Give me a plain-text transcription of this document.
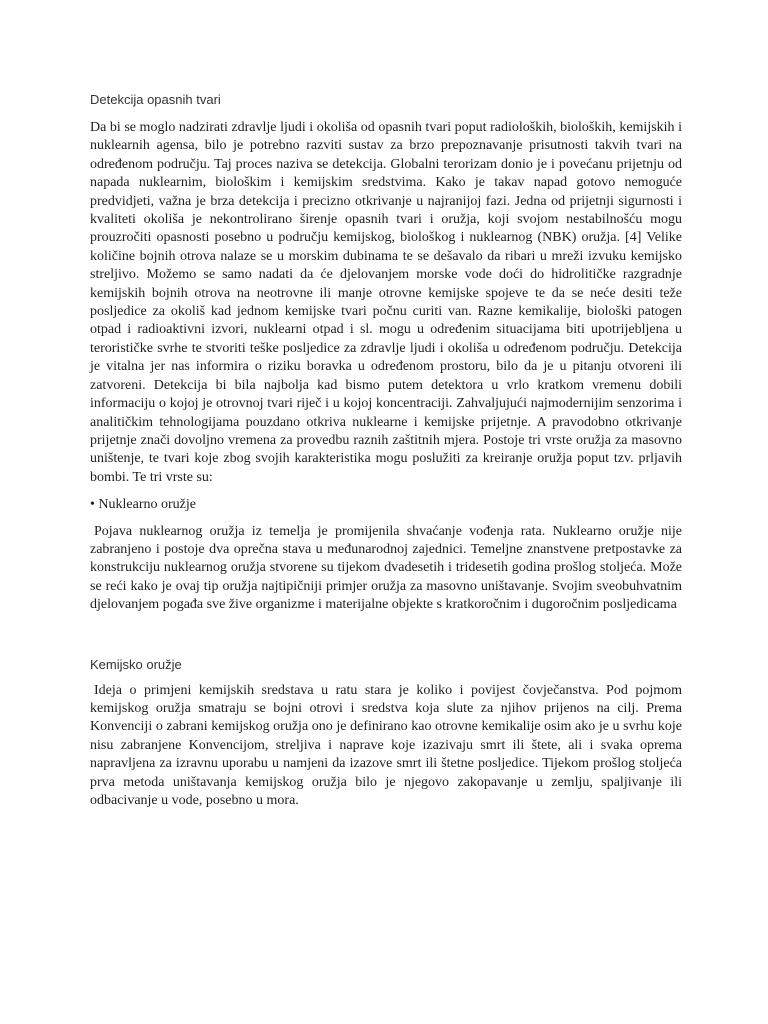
Detekcija opasnih tvari

Da bi se moglo nadzirati zdravlje ljudi i okoliša od opasnih tvari poput radioloških, bioloških, kemijskih i nuklearnih agensa, bilo je potrebno razviti sustav za brzo prepoznavanje prisutnosti takvih tvari na određenom području. Taj proces naziva se detekcija. Globalni terorizam donio je i povećanu prijetnju od napada nuklearnim, biološkim i kemijskim sredstvima. Kako je takav napad gotovo nemoguće predvidjeti, važna je brza detekcija i precizno otkrivanje u najranijoj fazi. Jedna od prijetnji sigurnosti i kvaliteti okoliša je nekontrolirano širenje opasnih tvari i oružja, koji svojom nestabilnošću mogu prouzročiti opasnosti posebno u području kemijskog, biološkog i nuklearnog (NBK) oružja. [4] Velike količine bojnih otrova nalaze se u morskim dubinama te se dešavalo da ribari u mreži izvuku kemijsko streljivo. Možemo se samo nadati da će djelovanjem morske vode doći do hidrolitičke razgradnje kemijskih bojnih otrova na neotrovne ili manje otrovne kemijske spojeve te da se neće desiti teže posljedice za okoliš kad jednom kemijske tvari počnu curiti van. Razne kemikalije, biološki patogen otpad i radioaktivni izvori, nuklearni otpad i sl. mogu u određenim situacijama biti upotrijebljena u terorističke svrhe te stvoriti teške posljedice za zdravlje ljudi i okoliša u određenom području. Detekcija je vitalna jer nas informira o riziku boravka u određenom prostoru, bilo da je u pitanju otvoreni ili zatvoreni. Detekcija bi bila najbolja kad bismo putem detektora u vrlo kratkom vremenu dobili informaciju o kojoj je otrovnoj tvari riječ i u kojoj koncentraciji. Zahvaljujući najmodernijim senzorima i analitičkim tehnologijama pouzdano otkriva nuklearne i kemijske prijetnje. A pravodobno otkrivanje prijetnje znači dovoljno vremena za provedbu raznih zaštitnih mjera. Postoje tri vrste oružja za masovno uništenje, te tvari koje zbog svojih karakteristika mogu poslužiti za kreiranje oružja poput tzv. prljavih bombi. Te tri vrste su:

• Nuklearno oružje

Pojava nuklearnog oružja iz temelja je promijenila shvaćanje vođenja rata. Nuklearno oružje nije zabranjeno i postoje dva oprečna stava u međunarodnoj zajednici. Temeljne znanstvene pretpostavke za konstrukciju nuklearnog oružja stvorene su tijekom dvadesetih i tridesetih godina prošlog stoljeća. Može se reći kako je ovaj tip oružja najtipičniji primjer oružja za masovno uništavanje. Svojim sveobuhvatnim djelovanjem pogađa sve žive organizme i materijalne objekte s kratkoročnim i dugoročnim posljedicama

Kemijsko oružje

Ideja o primjeni kemijskih sredstava u ratu stara je koliko i povijest čovječanstva. Pod pojmom kemijskog oružja smatraju se bojni otrovi i sredstva koja slute za njihov prijenos na cilj. Prema Konvenciji o zabrani kemijskog oružja ono je definirano kao otrovne kemikalije osim ako je u svrhu koje nisu zabranjene Konvencijom, streljiva i naprave koje izazivaju smrt ili štete, ali i svaka oprema napravljena za izravnu uporabu u namjeni da izazove smrt ili štetne posljedice. Tijekom prošlog stoljeća prva metoda uništavanja kemijskog oružja bilo je njegovo zakopavanje u zemlju, spaljivanje ili odbacivanje u vode, posebno u mora.
